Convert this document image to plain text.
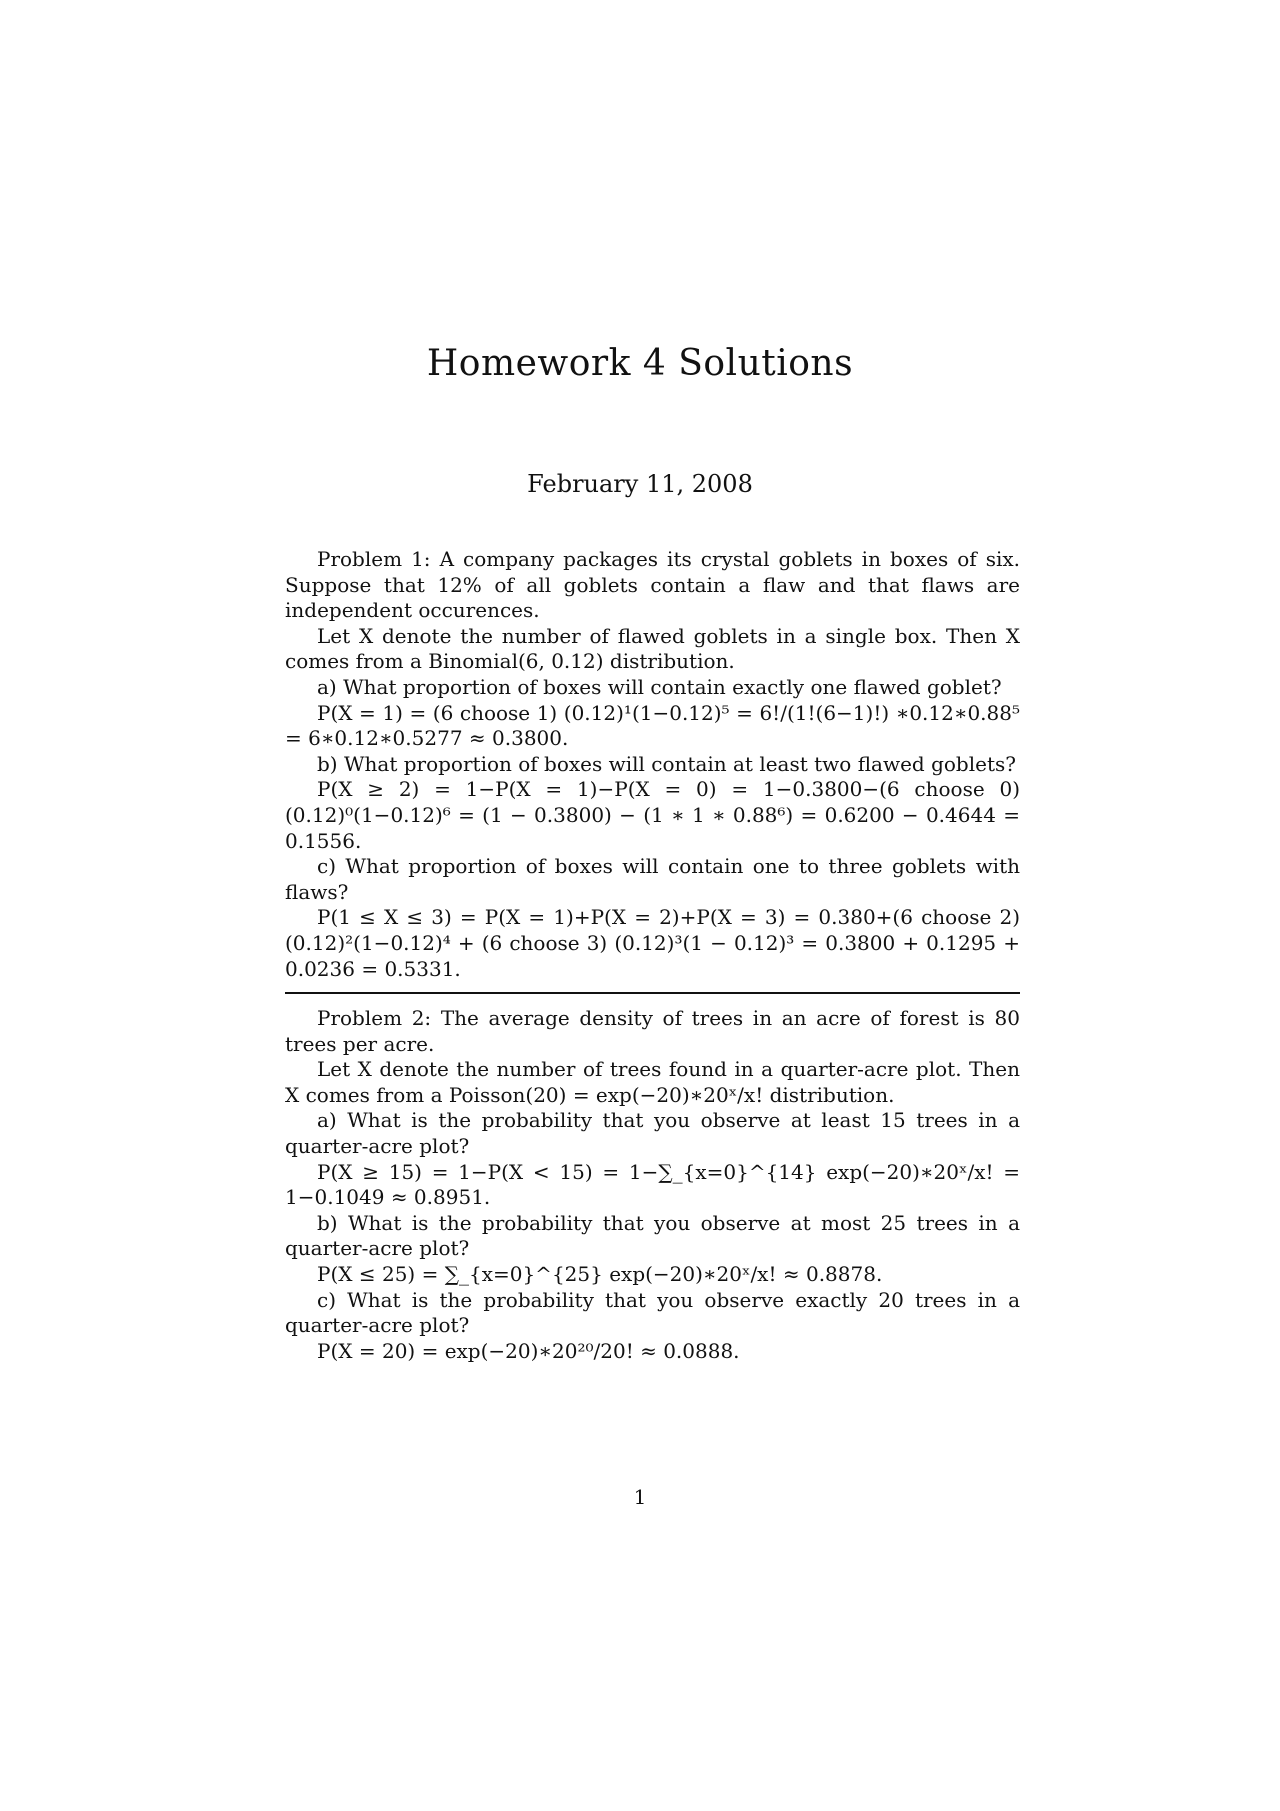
Homework 4 Solutions
February 11, 2008

Problem 1: A company packages its crystal goblets in boxes of six. Suppose that 12% of all goblets contain a flaw and that flaws are independent occurences.

Let X denote the number of flawed goblets in a single box. Then X comes from a Binomial(6, 0.12) distribution.

a) What proportion of boxes will contain exactly one flawed goblet?

P(X = 1) = (6 choose 1) (0.12)¹(1−0.12)⁵ = 6!/(1!(6−1)!) ∗0.12∗0.88⁵ = 6∗0.12∗0.5277 ≈ 0.3800.

b) What proportion of boxes will contain at least two flawed goblets?

P(X ≥ 2) = 1−P(X = 1)−P(X = 0) = 1−0.3800−(6 choose 0) (0.12)⁰(1−0.12)⁶ = (1 − 0.3800) − (1 ∗ 1 ∗ 0.88⁶) = 0.6200 − 0.4644 = 0.1556.

c) What proportion of boxes will contain one to three goblets with flaws?

P(1 ≤ X ≤ 3) = P(X = 1)+P(X = 2)+P(X = 3) = 0.380+(6 choose 2) (0.12)²(1−0.12)⁴ + (6 choose 3) (0.12)³(1 − 0.12)³ = 0.3800 + 0.1295 + 0.0236 = 0.5331.

Problem 2: The average density of trees in an acre of forest is 80 trees per acre.

Let X denote the number of trees found in a quarter-acre plot. Then X comes from a Poisson(20) = exp(−20)∗20ˣ/x! distribution.

a) What is the probability that you observe at least 15 trees in a quarter-acre plot?

P(X ≥ 15) = 1−P(X < 15) = 1−∑_{x=0}^{14} exp(−20)∗20ˣ/x! = 1−0.1049 ≈ 0.8951.

b) What is the probability that you observe at most 25 trees in a quarter-acre plot?

P(X ≤ 25) = ∑_{x=0}^{25} exp(−20)∗20ˣ/x! ≈ 0.8878.

c) What is the probability that you observe exactly 20 trees in a quarter-acre plot?

P(X = 20) = exp(−20)∗20²⁰/20! ≈ 0.0888.

1
